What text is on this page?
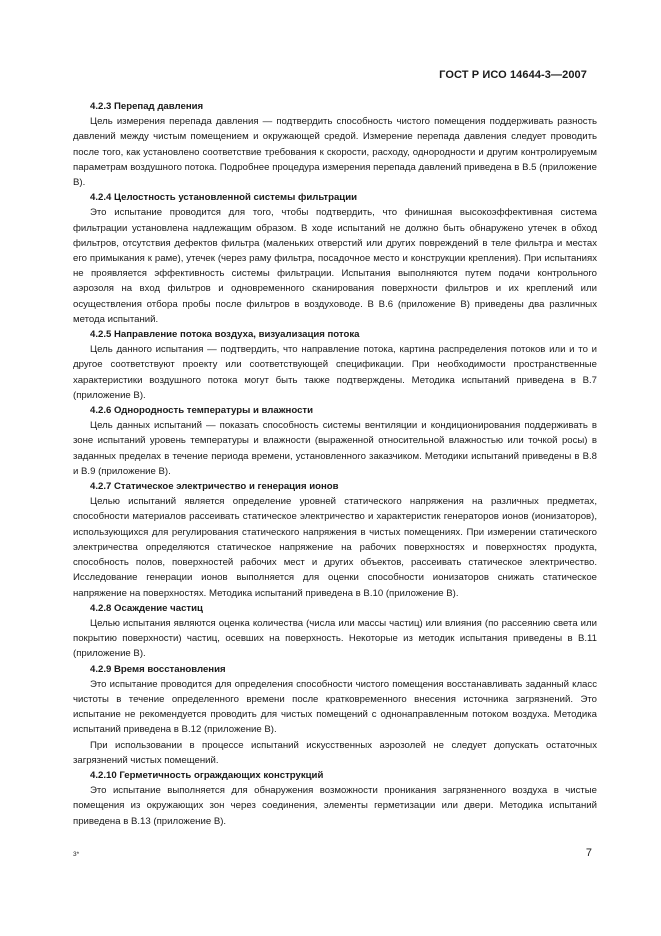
ГОСТ Р ИСО 14644-3—2007

4.2.3 Перепад давления

Цель измерения перепада давления — подтвердить способность чистого помещения поддерживать разность давлений между чистым помещением и окружающей средой. Измерение перепада давления следует проводить после того, как установлено соответствие требования к скорости, расходу, однородности и другим контролируемым параметрам воздушного потока. Подробнее процедура измерения перепада давлений приведена в В.5 (приложение В).

4.2.4 Целостность установленной системы фильтрации

Это испытание проводится для того, чтобы подтвердить, что финишная высокоэффективная система фильтрации установлена надлежащим образом. В ходе испытаний не должно быть обнаружено утечек в обход фильтров, отсутствия дефектов фильтра (маленьких отверстий или других повреждений в теле фильтра и местах его примыкания к раме), утечек (через раму фильтра, посадочное место и конструкции крепления). При испытаниях не проявляется эффективность системы фильтрации. Испытания выполняются путем подачи контрольного аэрозоля на вход фильтров и одновременного сканирования поверхности фильтров и их креплений или осуществления отбора пробы после фильтров в воздуховоде. В В.6 (приложение В) приведены два различных метода испытаний.

4.2.5 Направление потока воздуха, визуализация потока

Цель данного испытания — подтвердить, что направление потока, картина распределения потоков или и то и другое соответствуют проекту или соответствующей спецификации. При необходимости пространственные характеристики воздушного потока могут быть также подтверждены. Методика испытаний приведена в В.7 (приложение В).

4.2.6 Однородность температуры и влажности

Цель данных испытаний — показать способность системы вентиляции и кондиционирования поддерживать в зоне испытаний уровень температуры и влажности (выраженной относительной влажностью или точкой росы) в заданных пределах в течение периода времени, установленного заказчиком. Методики испытаний приведены в В.8 и В.9 (приложение В).

4.2.7 Статическое электричество и генерация ионов

Целью испытаний является определение уровней статического напряжения на различных предметах, способности материалов рассеивать статическое электричество и характеристик генераторов ионов (ионизаторов), использующихся для регулирования статического напряжения в чистых помещениях. При измерении статического электричества определяются статическое напряжение на рабочих поверхностях и поверхностях продукта, способность полов, поверхностей рабочих мест и других объектов, рассеивать статическое электричество. Исследование генерации ионов выполняется для оценки способности ионизаторов снижать статическое напряжение на поверхностях. Методика испытаний приведена в В.10 (приложение В).

4.2.8 Осаждение частиц

Целью испытания являются оценка количества (числа или массы частиц) или влияния (по рассеянию света или покрытию поверхности) частиц, осевших на поверхность. Некоторые из методик испытания приведены в В.11 (приложение В).

4.2.9 Время восстановления

Это испытание проводится для определения способности чистого помещения восстанавливать заданный класс чистоты в течение определенного времени после кратковременного внесения источника загрязнений. Это испытание не рекомендуется проводить для чистых помещений с однонаправленным потоком воздуха. Методика испытаний приведена в В.12 (приложение В).

При использовании в процессе испытаний искусственных аэрозолей не следует допускать остаточных загрязнений чистых помещений.

4.2.10 Герметичность ограждающих конструкций

Это испытание выполняется для обнаружения возможности проникания загрязненного воздуха в чистые помещения из окружающих зон через соединения, элементы герметизации или двери. Методика испытаний приведена в В.13 (приложение В).

3*	7
